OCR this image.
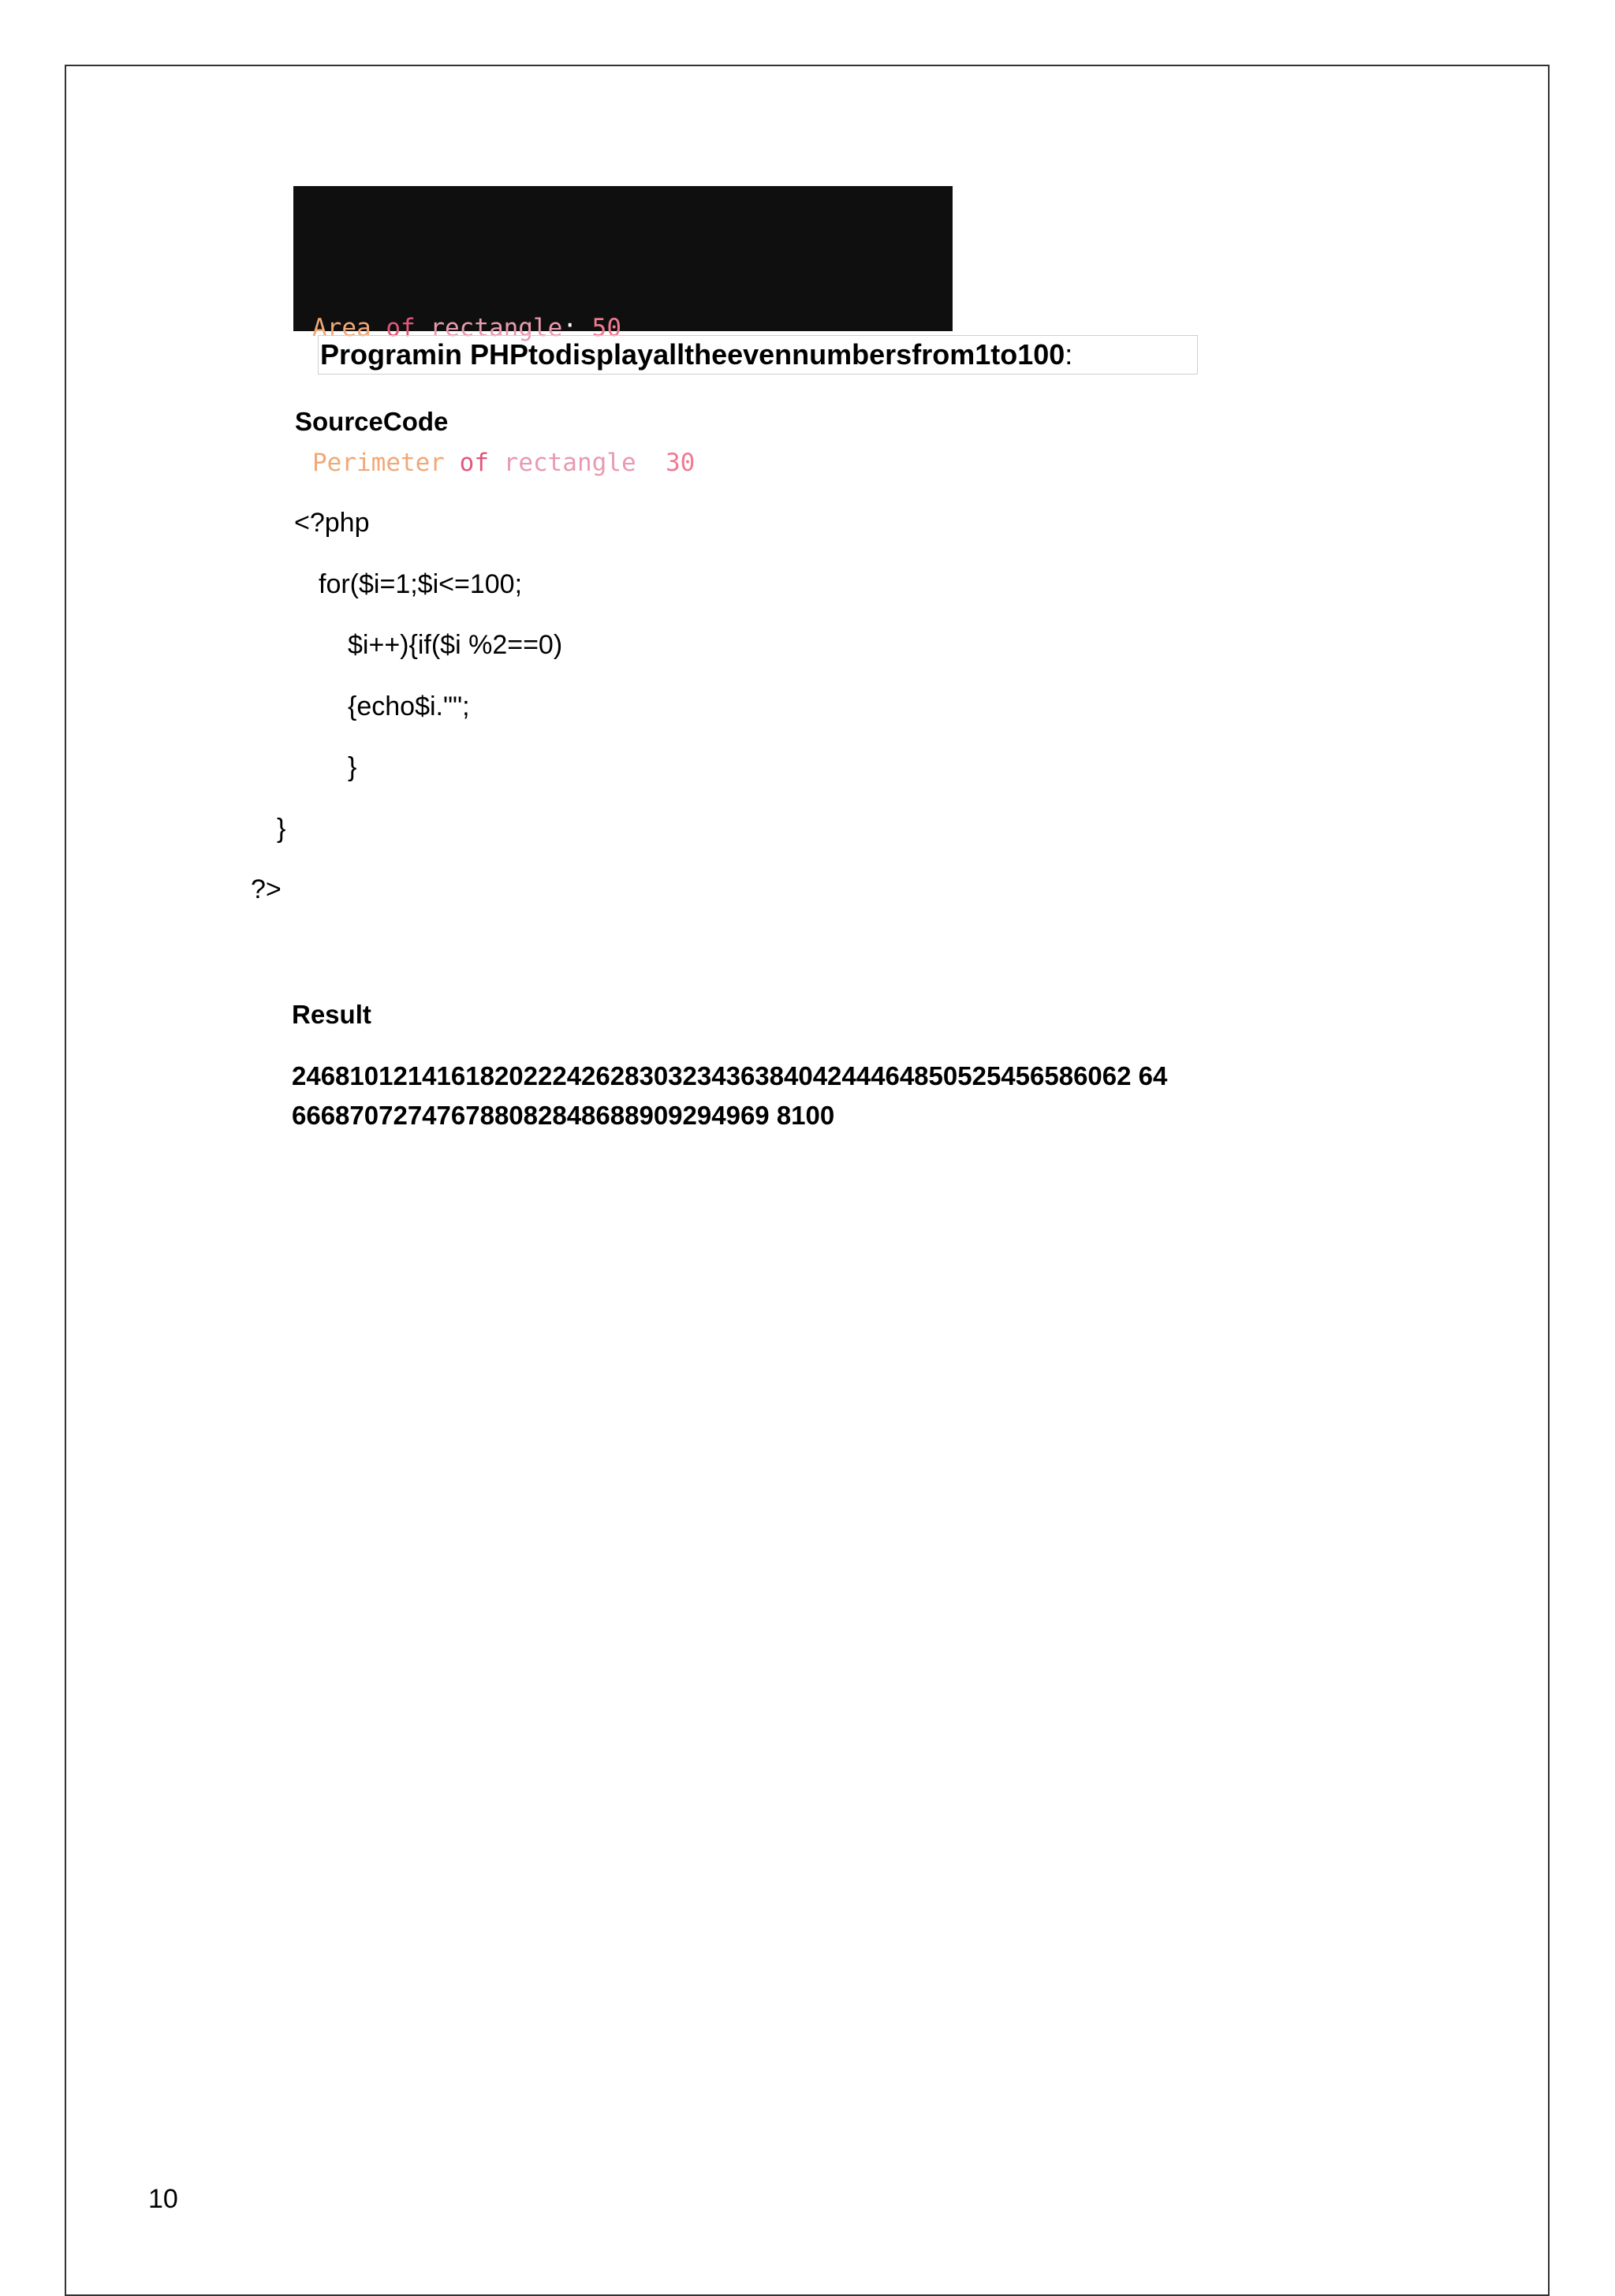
Area of rectangle: 50

Perimeter of rectangle: 30

Programin PHPtodisplayalltheevennumbersfrom1to100:
SourceCode
<?php
for($i=1;$i<=100;
$i++){if($i %2==0)
{echo$i."";
}
}
?>
Result
2468101214161820222426283032343638404244464850525456586062 64
666870727476788082848688909294969 8100
10
